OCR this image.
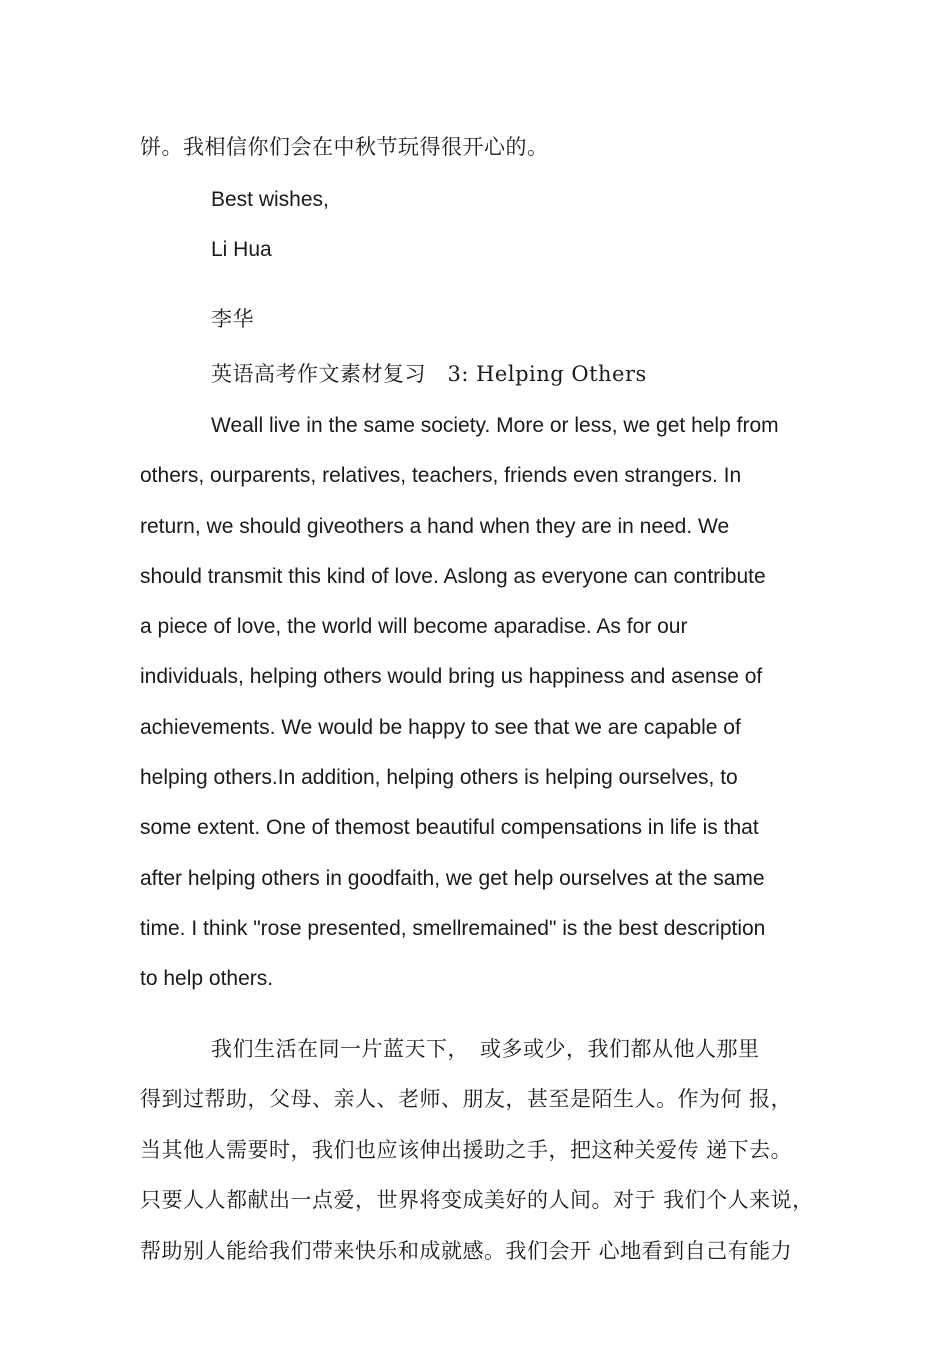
饼。我相信你们会在中秋节玩得很开心的。
Best wishes,
Li Hua
李华
英语高考作文素材复习　3: Helping Others
Weall live in the same society. More or less, we get help from
others, ourparents, relatives, teachers, friends even strangers. In
return, we should giveothers a hand when they are in need. We
should transmit this kind of love. Aslong as everyone can contribute
a piece of love, the world will become aparadise. As for our
individuals, helping others would bring us happiness and asense of
achievements. We would be happy to see that we are capable of
helping others.In addition, helping others is helping ourselves, to
some extent. One of themost beautiful compensations in life is that
after helping others in goodfaith, we get help ourselves at the same
time. I think "rose presented, smellremained" is the best description
to help others.
我们生活在同一片蓝天下，　或多或少，我们都从他人那里
得到过帮助，父母、亲人、老师、朋友，甚至是陌生人。作为何 报，
当其他人需要时，我们也应该伸出援助之手，把这种关爱传 递下去。
只要人人都献出一点爱，世界将变成美好的人间。对于 我们个人来说，
帮助别人能给我们带来快乐和成就感。我们会开 心地看到自己有能力
